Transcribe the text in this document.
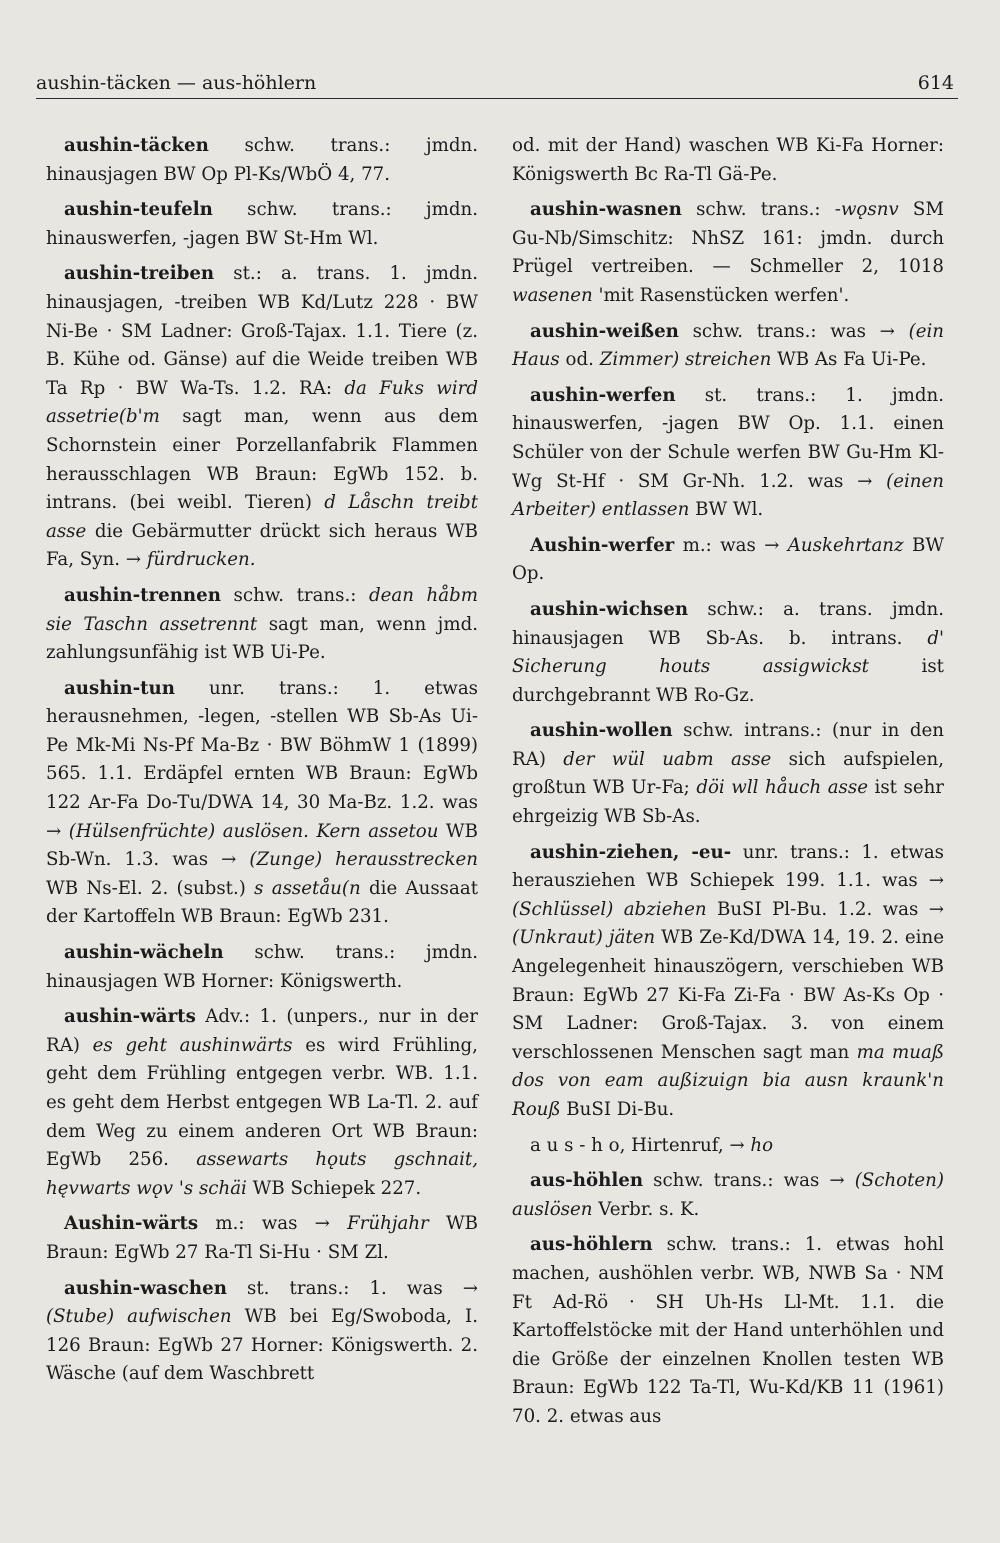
aushin-täcken — aus-höhlern	614

aushin-täcken schw. trans.: jmdn. hinausjagen BW Op Pl-Ks/WbÖ 4, 77.

aushin-teufeln schw. trans.: jmdn. hinauswerfen, -jagen BW St-Hm Wl.

aushin-treiben st.: a. trans. 1. jmdn. hinausjagen, -treiben WB Kd/Lutz 228 · BW Ni-Be · SM Ladner: Groß-Tajax. 1.1. Tiere (z. B. Kühe od. Gänse) auf die Weide treiben WB Ta Rp · BW Wa-Ts. 1.2. RA: da Fuks wird assetrie(b'm sagt man, wenn aus dem Schornstein einer Porzellanfabrik Flammen herausschlagen WB Braun: EgWb 152. b. intrans. (bei weibl. Tieren) d Låschn treibt asse die Gebärmutter drückt sich heraus WB Fa, Syn. → fürdrucken.

aushin-trennen schw. trans.: dean håbm sie Taschn assetrennt sagt man, wenn jmd. zahlungsunfähig ist WB Ui-Pe.

aushin-tun unr. trans.: 1. etwas herausnehmen, -legen, -stellen WB Sb-As Ui-Pe Mk-Mi Ns-Pf Ma-Bz · BW BöhmW 1 (1899) 565. 1.1. Erdäpfel ernten WB Braun: EgWb 122 Ar-Fa Do-Tu/DWA 14, 30 Ma-Bz. 1.2. was → (Hülsenfrüchte) auslösen. Kern assetou WB Sb-Wn. 1.3. was → (Zunge) herausstrecken WB Ns-El. 2. (subst.) s assetåu(n die Aussaat der Kartoffeln WB Braun: EgWb 231.

aushin-wächeln schw. trans.: jmdn. hinausjagen WB Horner: Königswerth.

aushin-wärts Adv.: 1. (unpers., nur in der RA) es geht aushinwärts es wird Frühling, geht dem Frühling entgegen verbr. WB. 1.1. es geht dem Herbst entgegen WB La-Tl. 2. auf dem Weg zu einem anderen Ort WB Braun: EgWb 256. assewarts hǫuts gschnait, hęvwarts wǫv 's schäi WB Schiepek 227.

Aushin-wärts m.: was → Frühjahr WB Braun: EgWb 27 Ra-Tl Si-Hu · SM Zl.

aushin-waschen st. trans.: 1. was → (Stube) aufwischen WB bei Eg/Swoboda, I. 126 Braun: EgWb 27 Horner: Königswerth. 2. Wäsche (auf dem Waschbrett

od. mit der Hand) waschen WB Ki-Fa Horner: Königswerth Bc Ra-Tl Gä-Pe.

aushin-wasnen schw. trans.: -wǫsnv SM Gu-Nb/Simschitz: NhSZ 161: jmdn. durch Prügel vertreiben. — Schmeller 2, 1018 wasenen 'mit Rasenstücken werfen'.

aushin-weißen schw. trans.: was → (ein Haus od. Zimmer) streichen WB As Fa Ui-Pe.

aushin-werfen st. trans.: 1. jmdn. hinauswerfen, -jagen BW Op. 1.1. einen Schüler von der Schule werfen BW Gu-Hm Kl-Wg St-Hf · SM Gr-Nh. 1.2. was → (einen Arbeiter) entlassen BW Wl.

Aushin-werfer m.: was → Auskehrtanz BW Op.

aushin-wichsen schw.: a. trans. jmdn. hinausjagen WB Sb-As. b. intrans. d' Sicherung houts assigwickst ist durchgebrannt WB Ro-Gz.

aushin-wollen schw. intrans.: (nur in den RA) der wül uabm asse sich aufspielen, großtun WB Ur-Fa; döi wll håuch asse ist sehr ehrgeizig WB Sb-As.

aushin-ziehen, -eu- unr. trans.: 1. etwas herausziehen WB Schiepek 199. 1.1. was → (Schlüssel) abziehen BuSI Pl-Bu. 1.2. was → (Unkraut) jäten WB Ze-Kd/DWA 14, 19. 2. eine Angelegenheit hinauszögern, verschieben WB Braun: EgWb 27 Ki-Fa Zi-Fa · BW As-Ks Op · SM Ladner: Groß-Tajax. 3. von einem verschlossenen Menschen sagt man ma muaß dos von eam außizuign bia ausn kraunk'n Rouß BuSI Di-Bu.

a u s - h o, Hirtenruf, → ho

aus-höhlen schw. trans.: was → (Schoten) auslösen Verbr. s. K.

aus-höhlern schw. trans.: 1. etwas hohl machen, aushöhlen verbr. WB, NWB Sa · NM Ft Ad-Rö · SH Uh-Hs Ll-Mt. 1.1. die Kartoffelstöcke mit der Hand unterhöhlen und die Größe der einzelnen Knollen testen WB Braun: EgWb 122 Ta-Tl, Wu-Kd/KB 11 (1961) 70. 2. etwas aus
